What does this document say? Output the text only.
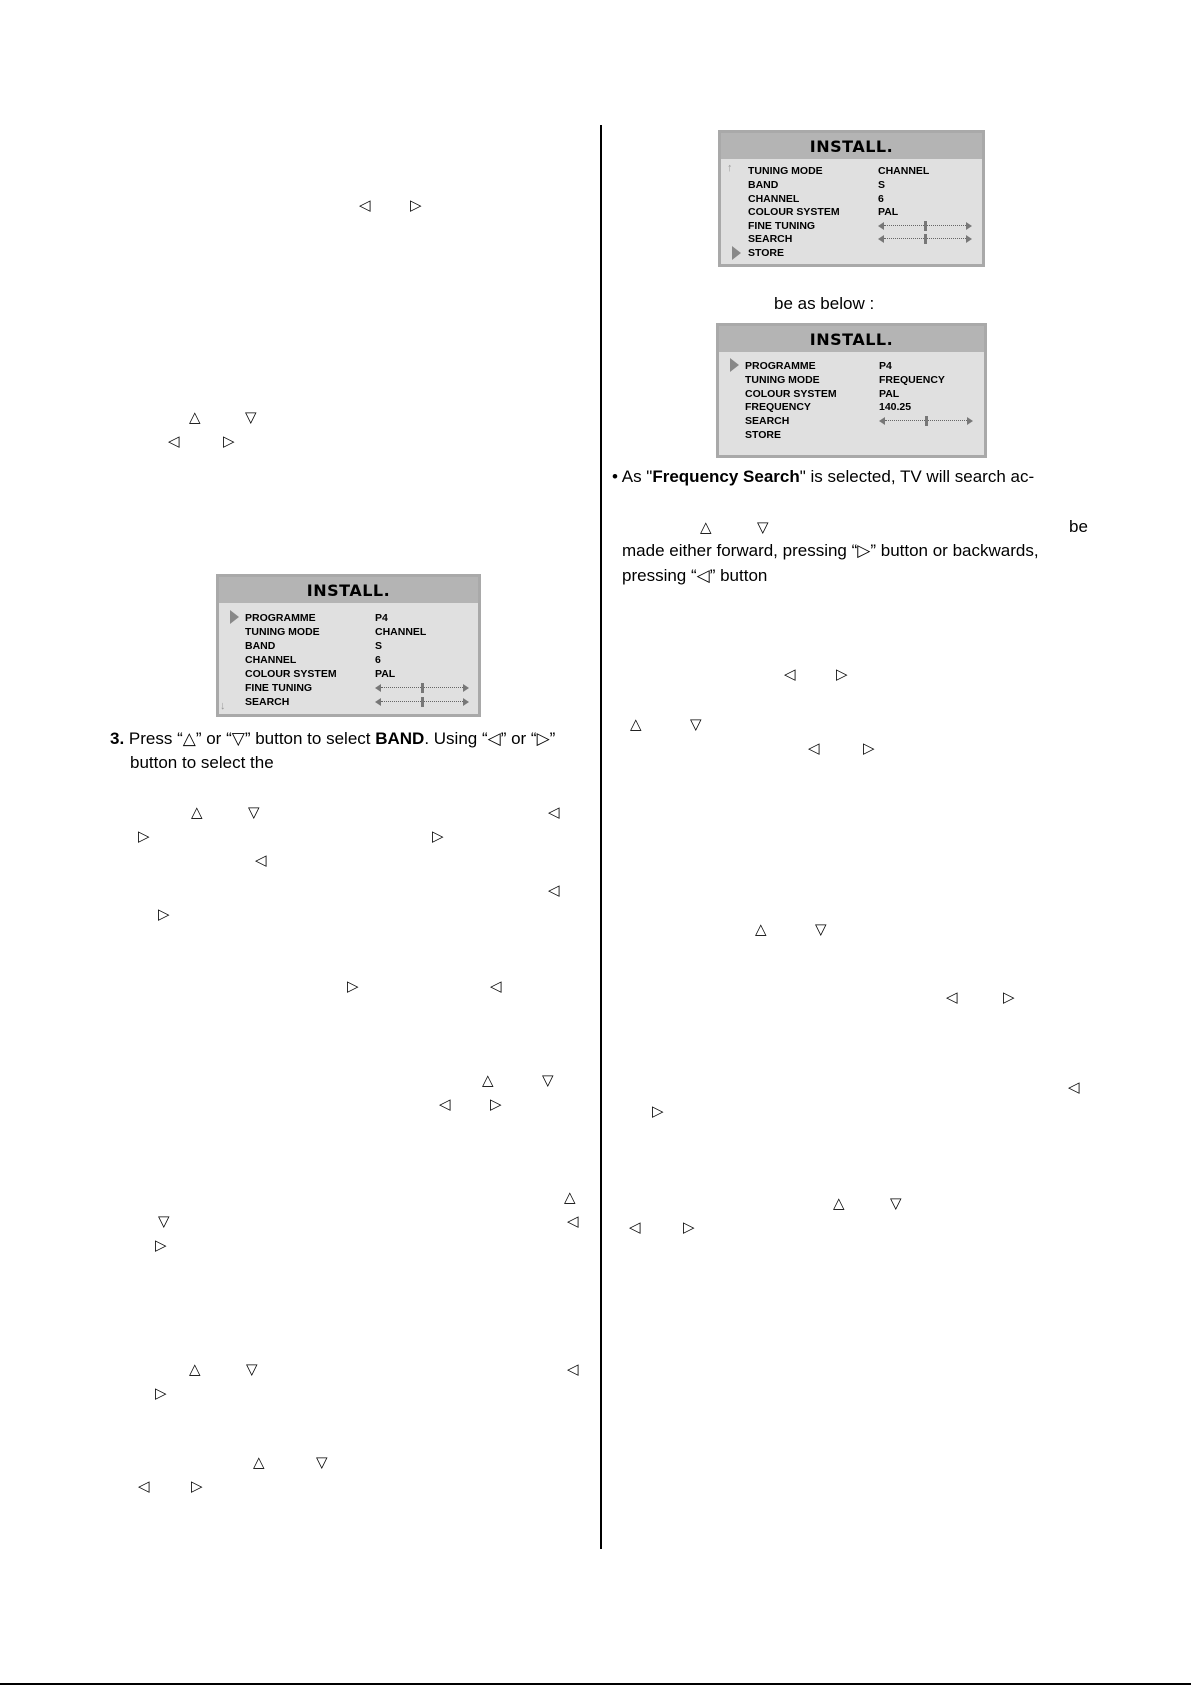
◁	▷
△	▽
◁	▷
INSTALL.
PROGRAMME	P4
TUNING MODE	CHANNEL
BAND	S
CHANNEL	6
COLOUR SYSTEM	PAL
FINE TUNING
SEARCH
↓
3. Press “△” or “▽” button to select BAND. Using “◁” or “▷”
button to select the
△	▽	◁
▷	▷
◁
◁
▷
▷	◁
△	▽
◁	▷
△
▽	◁
▷
△	▽	◁
▷
△	▽
◁	▷
INSTALL.
↑ TUNING MODE	CHANNEL
BAND	S
CHANNEL	6
COLOUR SYSTEM	PAL
FINE TUNING
SEARCH
STORE
be as below :
INSTALL.
PROGRAMME	P4
TUNING MODE	FREQUENCY
COLOUR SYSTEM	PAL
FREQUENCY	140.25
SEARCH
STORE
• As "Frequency Search" is selected, TV will search ac-
△	▽	be
made either forward, pressing “▷” button or backwards,
pressing “◁” button
◁	▷
△	▽
◁	▷
△	▽
◁	▷
◁
▷
△	▽
◁	▷
